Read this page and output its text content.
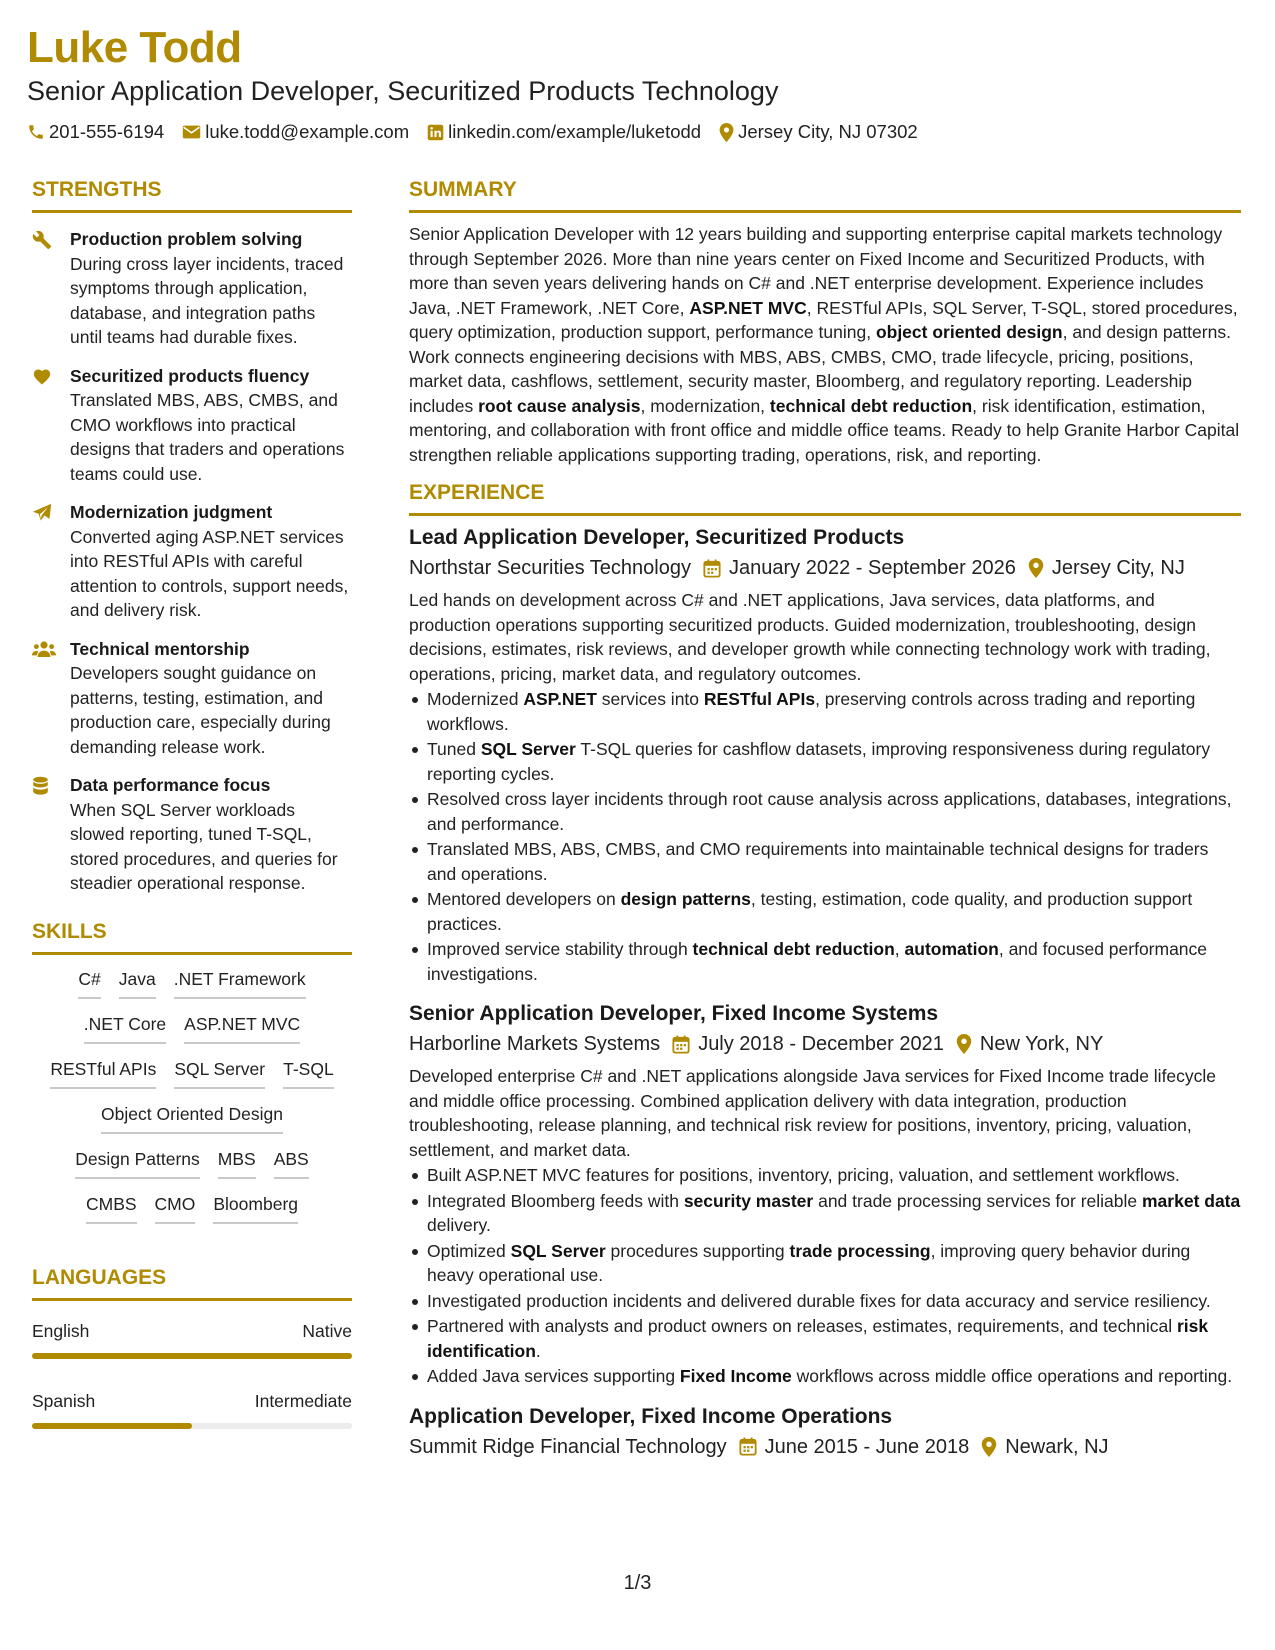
Luke Todd
Senior Application Developer, Securitized Products Technology
201-555-6194 luke.todd@example.com linkedin.com/example/luketodd Jersey City, NJ 07302
STRENGTHS
Production problem solving
During cross layer incidents, traced symptoms through application, database, and integration paths until teams had durable fixes.
Securitized products fluency
Translated MBS, ABS, CMBS, and CMO workflows into practical designs that traders and operations teams could use.
Modernization judgment
Converted aging ASP.NET services into RESTful APIs with careful attention to controls, support needs, and delivery risk.
Technical mentorship
Developers sought guidance on patterns, testing, estimation, and production care, especially during demanding release work.
Data performance focus
When SQL Server workloads slowed reporting, tuned T-SQL, stored procedures, and queries for steadier operational response.
SKILLS
C# Java .NET Framework
.NET Core ASP.NET MVC
RESTful APIs SQL Server T-SQL
Object Oriented Design
Design Patterns MBS ABS
CMBS CMO Bloomberg
LANGUAGES
English	Native
Spanish	Intermediate
SUMMARY
Senior Application Developer with 12 years building and supporting enterprise capital markets technology through September 2026. More than nine years center on Fixed Income and Securitized Products, with more than seven years delivering hands on C# and .NET enterprise development. Experience includes Java, .NET Framework, .NET Core, ASP.NET MVC, RESTful APIs, SQL Server, T-SQL, stored procedures, query optimization, production support, performance tuning, object oriented design, and design patterns. Work connects engineering decisions with MBS, ABS, CMBS, CMO, trade lifecycle, pricing, positions, market data, cashflows, settlement, security master, Bloomberg, and regulatory reporting. Leadership includes root cause analysis, modernization, technical debt reduction, risk identification, estimation, mentoring, and collaboration with front office and middle office teams. Ready to help Granite Harbor Capital strengthen reliable applications supporting trading, operations, risk, and reporting.
EXPERIENCE
Lead Application Developer, Securitized Products
Northstar Securities Technology January 2022 - September 2026 Jersey City, NJ
Led hands on development across C# and .NET applications, Java services, data platforms, and production operations supporting securitized products. Guided modernization, troubleshooting, design decisions, estimates, risk reviews, and developer growth while connecting technology work with trading, operations, pricing, market data, and regulatory outcomes.
Modernized ASP.NET services into RESTful APIs, preserving controls across trading and reporting workflows.
Tuned SQL Server T-SQL queries for cashflow datasets, improving responsiveness during regulatory reporting cycles.
Resolved cross layer incidents through root cause analysis across applications, databases, integrations, and performance.
Translated MBS, ABS, CMBS, and CMO requirements into maintainable technical designs for traders and operations.
Mentored developers on design patterns, testing, estimation, code quality, and production support practices.
Improved service stability through technical debt reduction, automation, and focused performance investigations.
Senior Application Developer, Fixed Income Systems
Harborline Markets Systems July 2018 - December 2021 New York, NY
Developed enterprise C# and .NET applications alongside Java services for Fixed Income trade lifecycle and middle office processing. Combined application delivery with data integration, production troubleshooting, release planning, and technical risk review for positions, inventory, pricing, valuation, settlement, and market data.
Built ASP.NET MVC features for positions, inventory, pricing, valuation, and settlement workflows.
Integrated Bloomberg feeds with security master and trade processing services for reliable market data delivery.
Optimized SQL Server procedures supporting trade processing, improving query behavior during heavy operational use.
Investigated production incidents and delivered durable fixes for data accuracy and service resiliency.
Partnered with analysts and product owners on releases, estimates, requirements, and technical risk identification.
Added Java services supporting Fixed Income workflows across middle office operations and reporting.
Application Developer, Fixed Income Operations
Summit Ridge Financial Technology June 2015 - June 2018 Newark, NJ
1/3
